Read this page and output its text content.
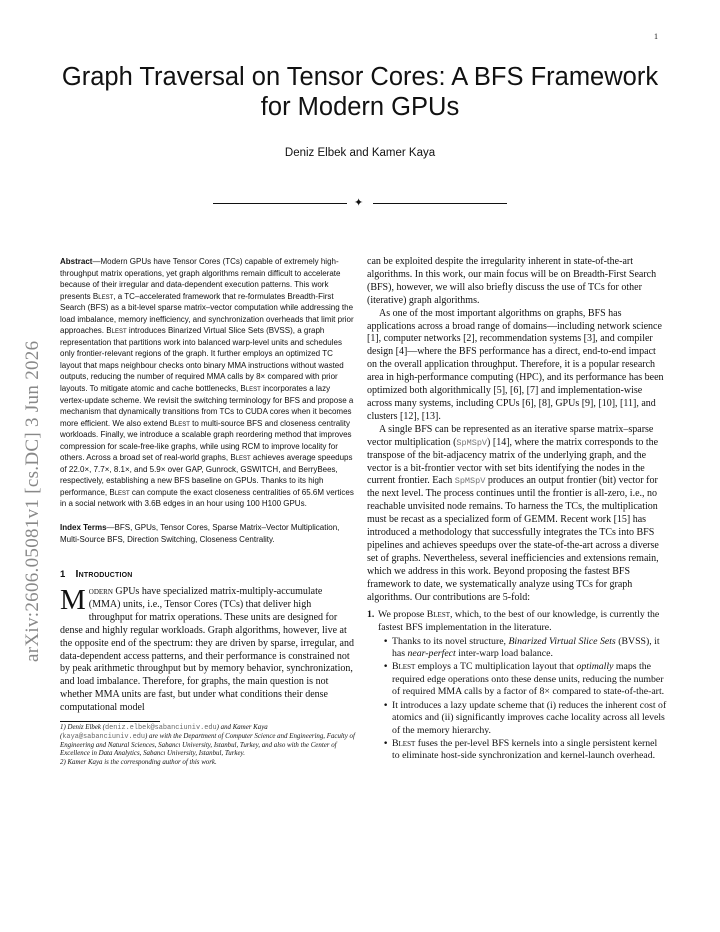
1
arXiv:2606.05081v1 [cs.DC] 3 Jun 2026
Graph Traversal on Tensor Cores: A BFS Framework for Modern GPUs
Deniz Elbek and Kamer Kaya
✦

Abstract—Modern GPUs have Tensor Cores (TCs) capable of extremely high-throughput matrix operations, yet graph algorithms remain difficult to accelerate because of their irregular and data-dependent execution patterns. This work presents Blest, a TC–accelerated framework that re-formulates Breadth-First Search (BFS) as a bit-level sparse matrix–vector computation while addressing the load imbalance, memory inefficiency, and synchronization overheads that limit prior approaches. Blest introduces Binarized Virtual Slice Sets (BVSS), a graph representation that partitions work into balanced warp-level units and schedules only frontier-relevant regions of the graph. It further employs an optimized TC layout that maps neighbour checks onto binary MMA instructions without wasted outputs, reducing the number of required MMA calls by 8× compared with prior layouts. To mitigate atomic and cache bottlenecks, Blest incorporates a lazy vertex-update scheme. We revisit the switching terminology for BFS and propose a mechanism that dynamically transitions from TCs to CUDA cores when it becomes more efficient. We also extend Blest to multi-source BFS and closeness centrality workloads. Finally, we introduce a scalable graph reordering method that improves compression for scale-free-like graphs, while using RCM to improve locality for others. Across a broad set of real-world graphs, Blest achieves average speedups of 22.0×, 7.7×, 8.1×, and 5.9× over GAP, Gunrock, GSWITCH, and BerryBees, respectively, establishing a new BFS baseline on GPUs. Thanks to its high performance, Blest can compute the exact closeness centralities of 65.6M vertices in a social network with 3.6B edges in an hour using 100 H100 GPUs.

Index Terms—BFS, GPUs, Tensor Cores, Sparse Matrix–Vector Multiplication, Multi-Source BFS, Direction Switching, Closeness Centrality.

1 Introduction

Modern GPUs have specialized matrix-multiply-accumulate (MMA) units, i.e., Tensor Cores (TCs) that deliver high throughput for matrix operations. These units are designed for dense and highly regular workloads. Graph algorithms, however, live at the opposite end of the spectrum: they are driven by sparse, irregular, and data-dependent access patterns, and their performance is constrained not by peak arithmetic throughput but by memory behavior, synchronization, and load imbalance. Therefore, for graphs, the main question is not whether MMA units are fast, but under what conditions their dense computational model

1) Deniz Elbek (deniz.elbek@sabanciuniv.edu) and Kamer Kaya (kaya@sabanciuniv.edu) are with the Department of Computer Science and Engineering, Faculty of Engineering and Natural Sciences, Sabancı University, Istanbul, Turkey, and also with the Center of Excellence in Data Analytics, Sabancı University, Istanbul, Turkey.

2) Kamer Kaya is the corresponding author of this work.

can be exploited despite the irregularity inherent in state-of-the-art algorithms. In this work, our main focus will be on Breadth-First Search (BFS), however, we will also briefly discuss the use of TCs for other (iterative) graph algorithms.

As one of the most important algorithms on graphs, BFS has applications across a broad range of domains—including network science [1], computer networks [2], recommendation systems [3], and compiler design [4]—where the BFS performance has a direct, end-to-end impact on the overall application throughput. Therefore, it is a popular research area in high-performance computing (HPC), and its performance has been optimized both algorithmically [5], [6], [7] and implementation-wise across many systems, including CPUs [6], [8], GPUs [9], [10], [11], and clusters [12], [13].

A single BFS can be represented as an iterative sparse matrix–sparse vector multiplication (SpMSpV) [14], where the matrix corresponds to the transpose of the bit-adjacency matrix of the underlying graph, and the vector is a bit-frontier vector with set bits identifying the nodes in the current frontier. Each SpMSpV produces an output frontier (bit) vector for the next level. The process continues until the frontier is all-zero, i.e., no reachable unvisited node remains. To harness the TCs, the multiplication must be recast as a specialized form of GEMM. Recent work [15] has introduced a methodology that successfully integrates the TCs into BFS pipelines and achieves speedups over the state-of-the-art across a diverse set of graphs. Nevertheless, several inefficiencies and extensions remain, which we address in this work. Beyond proposing the fastest BFS framework to date, we systematically analyze using TCs for graph algorithms. Our contributions are 5-fold:

1. We propose Blest, which, to the best of our knowledge, is currently the fastest BFS implementation in the literature.
• Thanks to its novel structure, Binarized Virtual Slice Sets (BVSS), it has near-perfect inter-warp load balance.
• Blest employs a TC multiplication layout that optimally maps the required edge operations onto these dense units, reducing the number of required MMA calls by a factor of 8× compared to state-of-the-art.
• It introduces a lazy update scheme that (i) reduces the inherent cost of atomics and (ii) significantly improves cache locality across all levels of the memory hierarchy.
• Blest fuses the per-level BFS kernels into a single persistent kernel to eliminate host-side synchronization and kernel-launch overhead.
